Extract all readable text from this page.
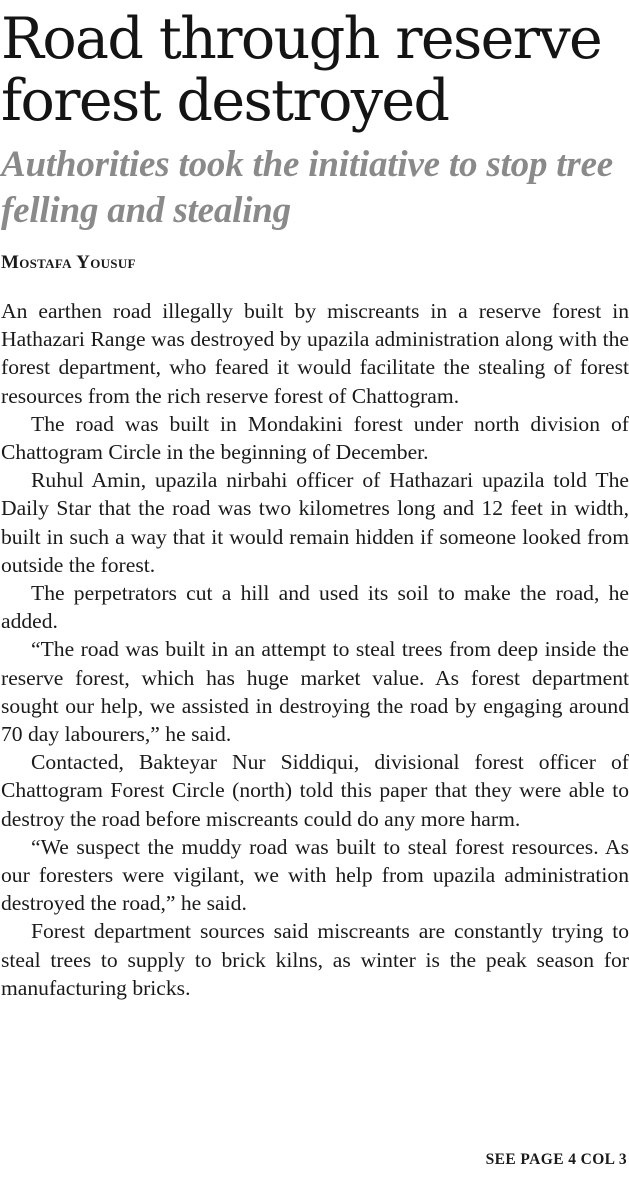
Road through reserve forest destroyed
Authorities took the initiative to stop tree felling and stealing
Mostafa Yousuf

An earthen road illegally built by miscreants in a reserve forest in Hathazari Range was destroyed by upazila administration along with the forest department, who feared it would facilitate the stealing of forest resources from the rich reserve forest of Chattogram.

The road was built in Mondakini forest under north division of Chattogram Circle in the beginning of December.

Ruhul Amin, upazila nirbahi officer of Hathazari upazila told The Daily Star that the road was two kilometres long and 12 feet in width, built in such a way that it would remain hidden if someone looked from outside the forest.

The perpetrators cut a hill and used its soil to make the road, he added.

“The road was built in an attempt to steal trees from deep inside the reserve forest, which has huge market value. As forest department sought our help, we assisted in destroying the road by engaging around 70 day labourers,” he said.

Contacted, Bakteyar Nur Siddiqui, divisional forest officer of Chattogram Forest Circle (north) told this paper that they were able to destroy the road before miscreants could do any more harm.

“We suspect the muddy road was built to steal forest resources. As our foresters were vigilant, we with help from upazila administration destroyed the road,” he said.

Forest department sources said miscreants are constantly trying to steal trees to supply to brick kilns, as winter is the peak season for manufacturing bricks.

SEE PAGE 4 COL 3
